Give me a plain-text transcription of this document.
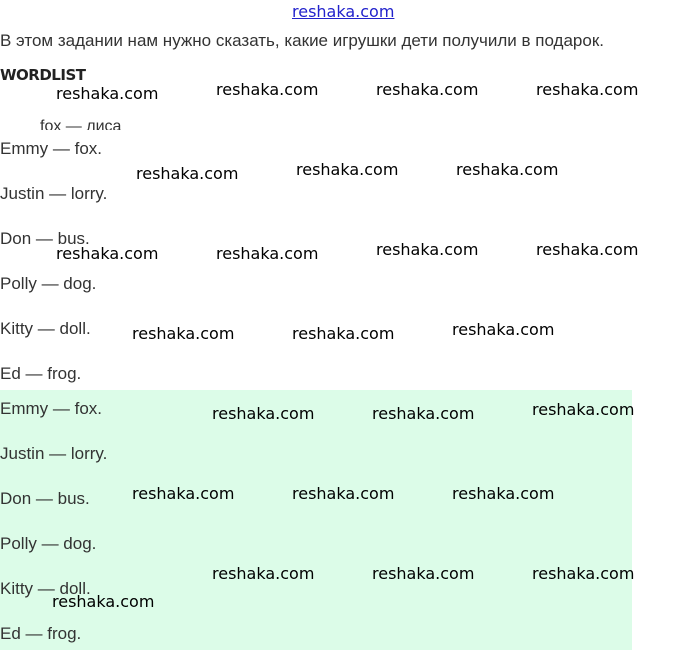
reshaka.com
В этом задании нам нужно сказать, какие игрушки дети получили в подарок.
WORDLIST
fox — лиса
Emmy — fox.
Justin — lorry.
Don — bus.
Polly — dog.
Kitty — doll.
Ed — frog.
Emmy — fox.
Justin — lorry.
Don — bus.
Polly — dog.
Kitty — doll.
Ed — frog.
reshaka.com	reshaka.com	reshaka.com	reshaka.com
reshaka.com	reshaka.com	reshaka.com
reshaka.com	reshaka.com	reshaka.com	reshaka.com
reshaka.com	reshaka.com	reshaka.com
reshaka.com	reshaka.com	reshaka.com
reshaka.com	reshaka.com	reshaka.com
reshaka.com	reshaka.com	reshaka.com
reshaka.com
